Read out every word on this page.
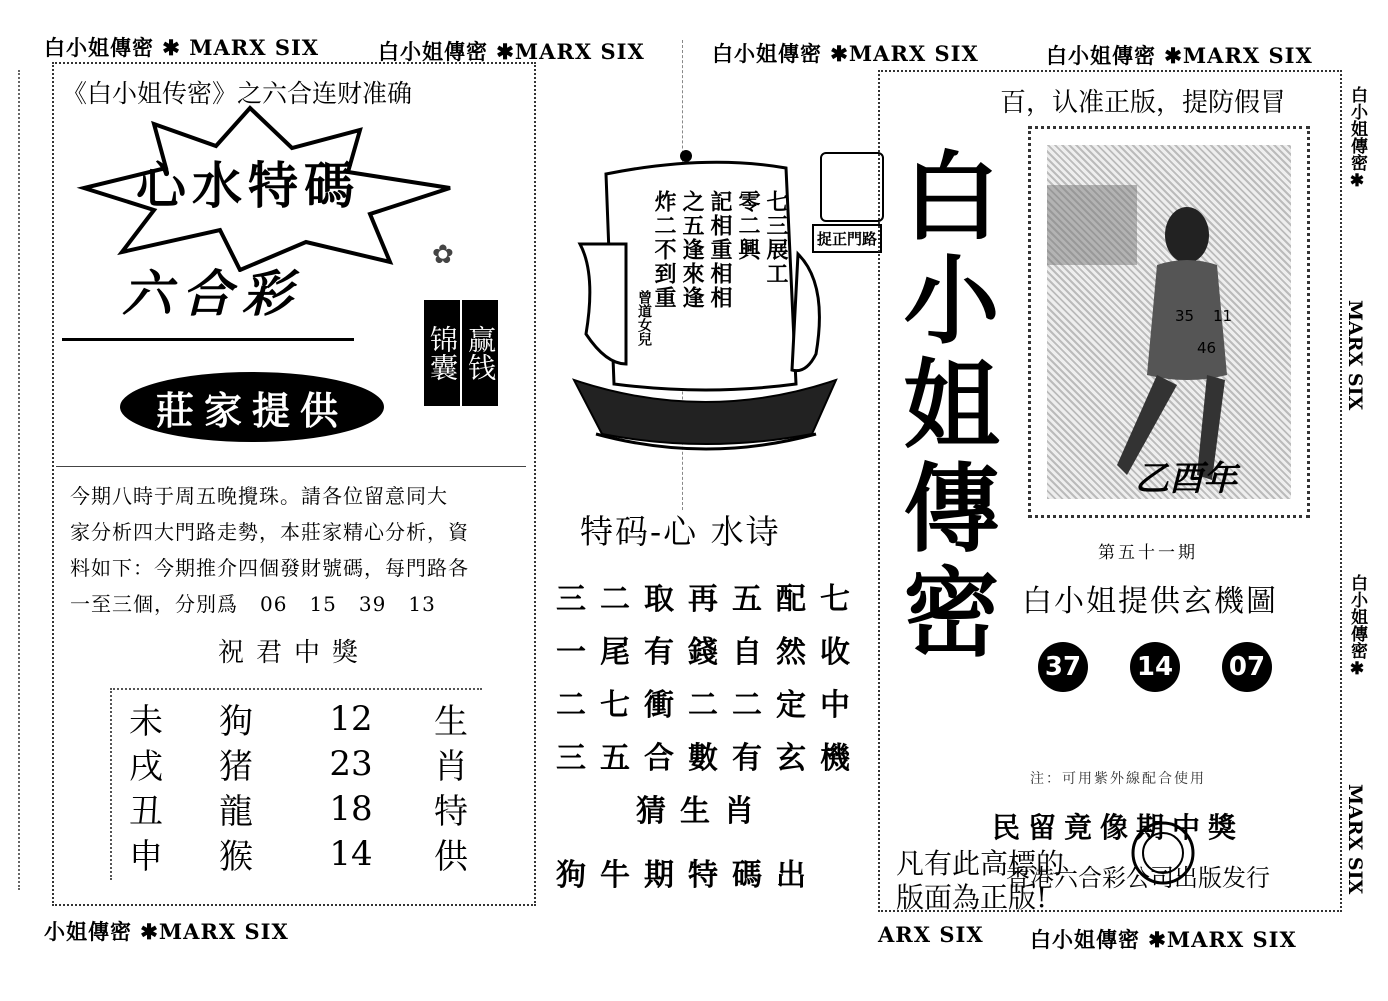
白小姐傳密 ✱ MARX SIX	白小姐傳密 ✱MARX SIX	白小姐傳密 ✱MARX SIX	白小姐傳密 ✱MARX SIX
小姐傳密 ✱MARX SIX	ARX SIX 白小姐傳密 ✱MARX SIX
白小姐傳密✱
MARX SIX
白小姐傳密✱
MARX SIX
《白小姐传密》之六合连财准确
心水特碼
六合彩
✿
锦囊 赢钱
莊家提供
今期八時于周五晚攪珠。請各位留意同大
家分析四大門路走勢，本莊家精心分析，資
料如下：今期推介四個發財號碼，每門路各
一至三個，分別爲 06 15 39 13
祝君中獎
未	狗	12	生
戌	猪	23	肖
丑	龍	18	特
申	猴	14	供
七三展工
零二興
記相重相相
之五逢來逢
炸二不到重
曾道女兒
捉正門路
特码-心 水诗
三二取再五配七
一尾有錢自然收
二七衝二二定中
三五合數有玄機
猜生肖
狗牛期特碼出
百，认准正版，提防假冒
白小姐傳密	35 11
46
乙酉年
第五十一期
白小姐提供玄機圖
37 14 07
注：可用紫外線配合使用
民留竟像期中獎
凡有此高標的
香港六合彩公司出版发行
版面為正版!
